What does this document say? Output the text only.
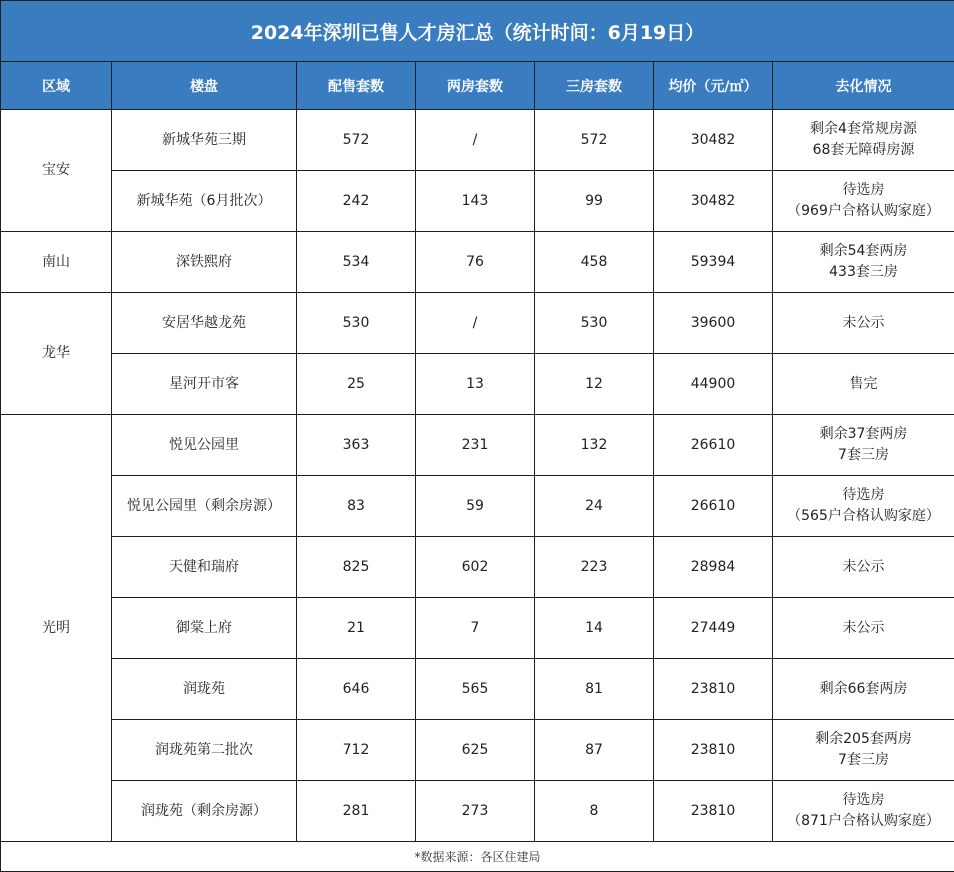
2024年深圳已售人才房汇总（统计时间：6月19日）						
区域	楼盘	配售套数	两房套数	三房套数	均价（元/㎡）	去化情况
宝安	新城华苑三期	572	/	572	30482	剩余4套常规房源
68套无障碍房源

	新城华苑（6月批次）	242	143	99	30482	待选房
（969户合格认购家庭）

南山	深铁熙府	534	76	458	59394	剩余54套两房
433套三房

龙华	安居华越龙苑	530	/	530	39600	未公示

	星河开市客	25	13	12	44900	售完

光明	悦见公园里	363	231	132	26610	剩余37套两房
7套三房

	悦见公园里（剩余房源）	83	59	24	26610	待选房
（565户合格认购家庭）

	天健和瑞府	825	602	223	28984	未公示

	御棠上府	21	7	14	27449	未公示

	润珑苑	646	565	81	23810	剩余66套两房

	润珑苑第二批次	712	625	87	23810	剩余205套两房
7套三房

	润珑苑（剩余房源）	281	273	8	23810	待选房
（871户合格认购家庭）

*数据来源：各区住建局						
